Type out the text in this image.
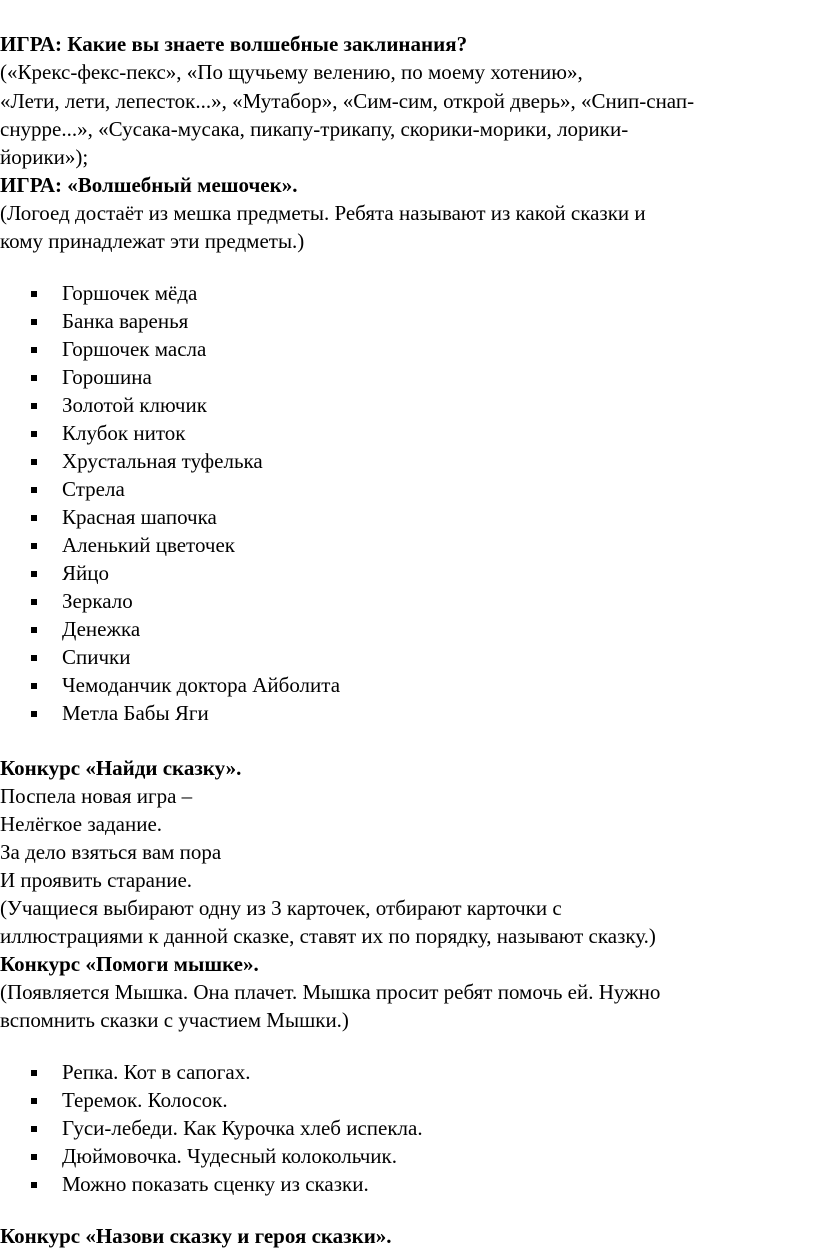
ИГРА: Какие вы знаете волшебные заклинания?
(«Крекс-фекс-пекс», «По щучьему велению, по моему хотению»,
«Лети, лети, лепесток...», «Мутабор», «Сим-сим, открой дверь», «Снип-снап-
снурре...», «Сусака-мусака, пикапу-трикапу, скорики-морики, лорики-
йорики»);
ИГРА: «Волшебный мешочек».
(Логоед достаёт из мешка предметы. Ребята называют из какой сказки и
кому принадлежат эти предметы.)
Горшочек мёда
Банка варенья
Горшочек масла
Горошина
Золотой ключик
Клубок ниток
Хрустальная туфелька
Стрела
Красная шапочка
Аленький цветочек
Яйцо
Зеркало
Денежка
Спички
Чемоданчик доктора Айболита
Метла Бабы Яги
Конкурс «Найди сказку».
Поспела новая игра –
Нелёгкое задание.
За дело взяться вам пора
И проявить старание.
(Учащиеся выбирают одну из 3 карточек, отбирают карточки с
иллюстрациями к данной сказке, ставят их по порядку, называют сказку.)
Конкурс «Помоги мышке».
(Появляется Мышка. Она плачет. Мышка просит ребят помочь ей. Нужно
вспомнить сказки с участием Мышки.)
Репка. Кот в сапогах.
Теремок. Колосок.
Гуси-лебеди. Как Курочка хлеб испекла.
Дюймовочка. Чудесный колокольчик.
Можно показать сценку из сказки.
Конкурс «Назови сказку и героя сказки».
